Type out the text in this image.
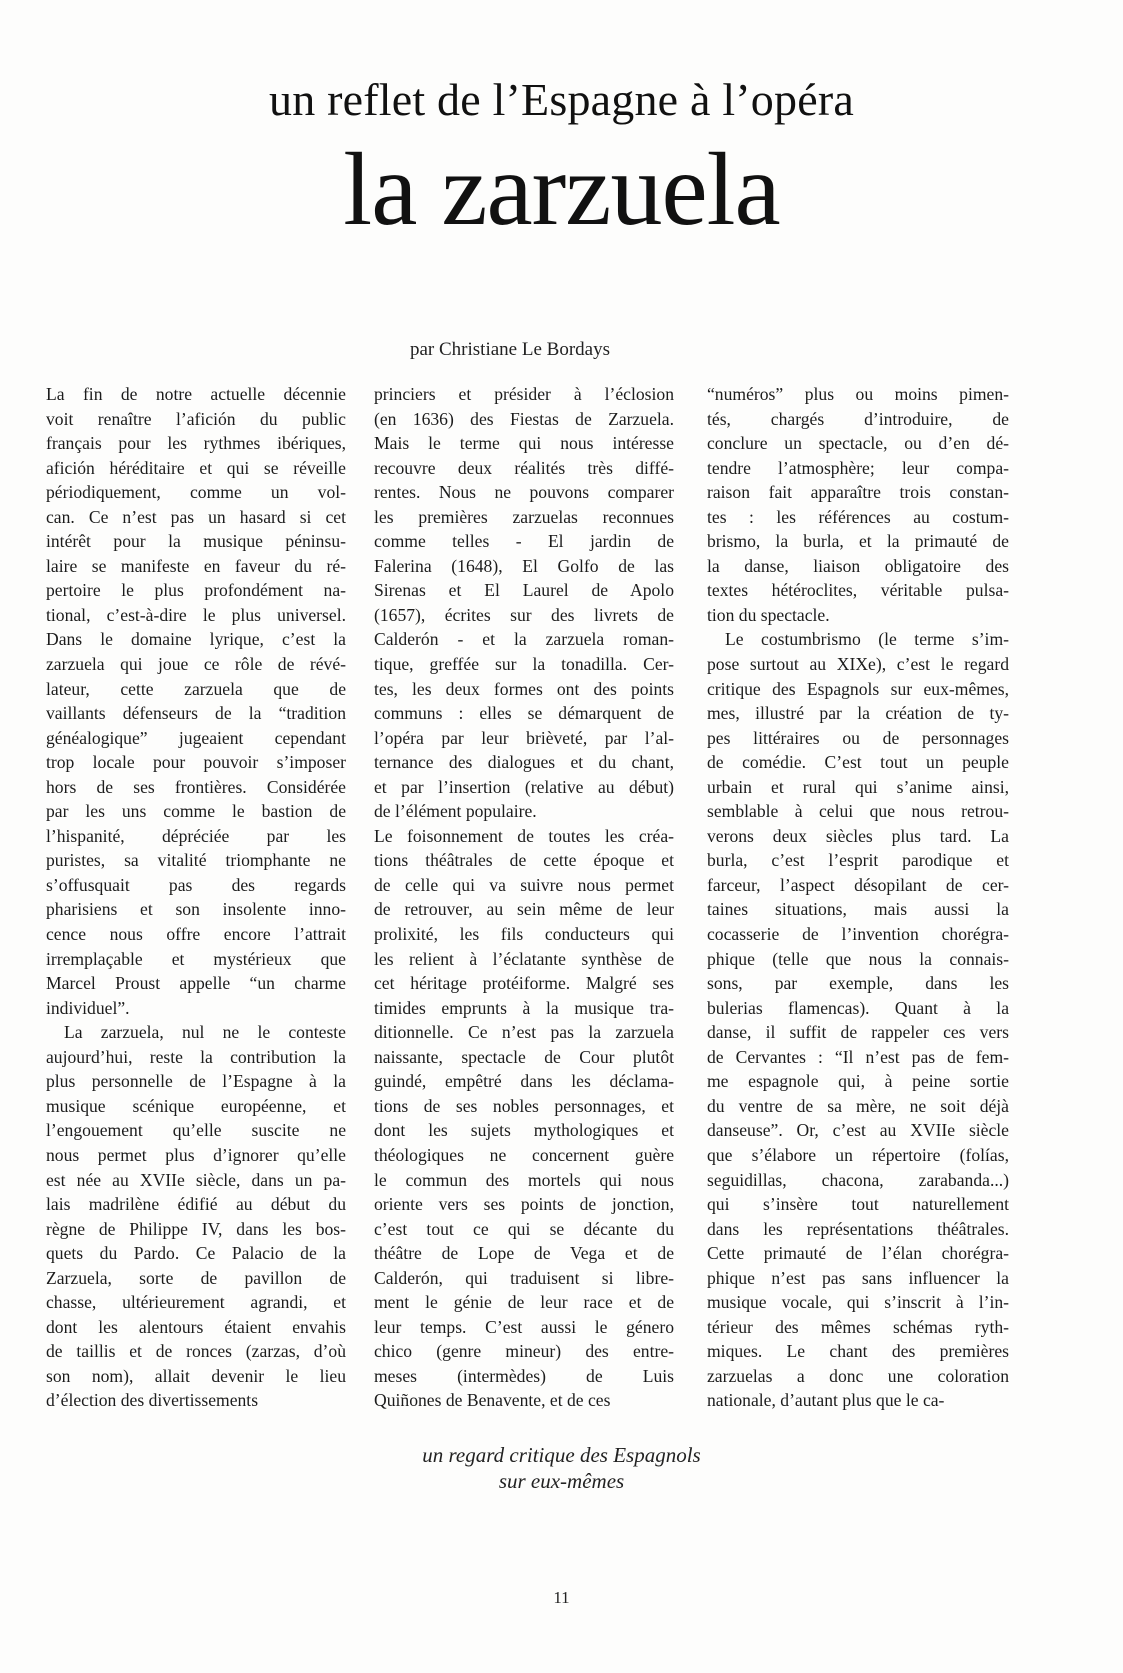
un reflet de l’Espagne à l’opéra
la zarzuela
par Christiane Le Bordays
La fin de notre actuelle décennie
voit renaître l’afición du public
français pour les rythmes ibériques,
afición héréditaire et qui se réveille
périodiquement, comme un vol-
can. Ce n’est pas un hasard si cet
intérêt pour la musique péninsu-
laire se manifeste en faveur du ré-
pertoire le plus profondément na-
tional, c’est-à-dire le plus universel.
Dans le domaine lyrique, c’est la
zarzuela qui joue ce rôle de révé-
lateur, cette zarzuela que de
vaillants défenseurs de la “tradition
généalogique” jugeaient cependant
trop locale pour pouvoir s’imposer
hors de ses frontières. Considérée
par les uns comme le bastion de
l’hispanité, dépréciée par les
puristes, sa vitalité triomphante ne
s’offusquait pas des regards
pharisiens et son insolente inno-
cence nous offre encore l’attrait
irremplaçable et mystérieux que
Marcel Proust appelle “un charme
individuel”.
La zarzuela, nul ne le conteste
aujourd’hui, reste la contribution la
plus personnelle de l’Espagne à la
musique scénique européenne, et
l’engouement qu’elle suscite ne
nous permet plus d’ignorer qu’elle
est née au XVIIe siècle, dans un pa-
lais madrilène édifié au début du
règne de Philippe IV, dans les bos-
quets du Pardo. Ce Palacio de la
Zarzuela, sorte de pavillon de
chasse, ultérieurement agrandi, et
dont les alentours étaient envahis
de taillis et de ronces (zarzas, d’où
son nom), allait devenir le lieu
d’élection des divertissements
princiers et présider à l’éclosion
(en 1636) des Fiestas de Zarzuela.
Mais le terme qui nous intéresse
recouvre deux réalités très diffé-
rentes. Nous ne pouvons comparer
les premières zarzuelas reconnues
comme telles - El jardin de
Falerina (1648), El Golfo de las
Sirenas et El Laurel de Apolo
(1657), écrites sur des livrets de
Calderón - et la zarzuela roman-
tique, greffée sur la tonadilla. Cer-
tes, les deux formes ont des points
communs : elles se démarquent de
l’opéra par leur brièveté, par l’al-
ternance des dialogues et du chant,
et par l’insertion (relative au début)
de l’élément populaire.
Le foisonnement de toutes les créa-
tions théâtrales de cette époque et
de celle qui va suivre nous permet
de retrouver, au sein même de leur
prolixité, les fils conducteurs qui
les relient à l’éclatante synthèse de
cet héritage protéiforme. Malgré ses
timides emprunts à la musique tra-
ditionnelle. Ce n’est pas la zarzuela
naissante, spectacle de Cour plutôt
guindé, empêtré dans les déclama-
tions de ses nobles personnages, et
dont les sujets mythologiques et
théologiques ne concernent guère
le commun des mortels qui nous
oriente vers ses points de jonction,
c’est tout ce qui se décante du
théâtre de Lope de Vega et de
Calderón, qui traduisent si libre-
ment le génie de leur race et de
leur temps. C’est aussi le género
chico (genre mineur) des entre-
meses (intermèdes) de Luis
Quiñones de Benavente, et de ces
“numéros” plus ou moins pimen-
tés, chargés d’introduire, de
conclure un spectacle, ou d’en dé-
tendre l’atmosphère; leur compa-
raison fait apparaître trois constan-
tes : les références au costum-
brismo, la burla, et la primauté de
la danse, liaison obligatoire des
textes hétéroclites, véritable pulsa-
tion du spectacle.
Le costumbrismo (le terme s’im-
pose surtout au XIXe), c’est le regard
critique des Espagnols sur eux-mêmes,
mes, illustré par la création de ty-
pes littéraires ou de personnages
de comédie. C’est tout un peuple
urbain et rural qui s’anime ainsi,
semblable à celui que nous retrou-
verons deux siècles plus tard. La
burla, c’est l’esprit parodique et
farceur, l’aspect désopilant de cer-
taines situations, mais aussi la
cocasserie de l’invention chorégra-
phique (telle que nous la connais-
sons, par exemple, dans les
bulerias flamencas). Quant à la
danse, il suffit de rappeler ces vers
de Cervantes : “Il n’est pas de fem-
me espagnole qui, à peine sortie
du ventre de sa mère, ne soit déjà
danseuse”. Or, c’est au XVIIe siècle
que s’élabore un répertoire (folías,
seguidillas, chacona, zarabanda...)
qui s’insère tout naturellement
dans les représentations théâtrales.
Cette primauté de l’élan chorégra-
phique n’est pas sans influencer la
musique vocale, qui s’inscrit à l’in-
térieur des mêmes schémas ryth-
miques. Le chant des premières
zarzuelas a donc une coloration
nationale, d’autant plus que le ca-
un regard critique des Espagnols
sur eux-mêmes
11
